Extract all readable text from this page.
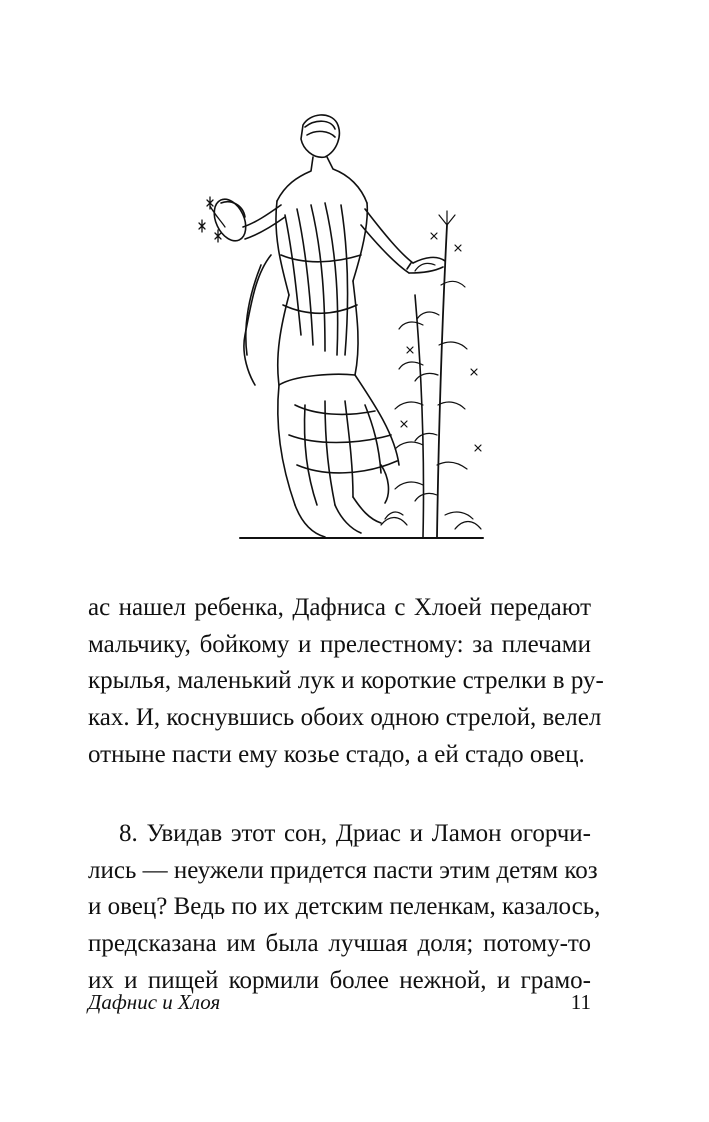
ас нашел ребенка, Дафниса с Хлоей передают
мальчику, бойкому и прелестному: за плечами
крылья, маленький лук и короткие стрелки в ру-
ках. И, коснувшись обоих одною стрелой, велел
отныне пасти ему козье стадо, а ей стадо овец.
8. Увидав этот сон, Дриас и Ламон огорчи-
лись — неужели придется пасти этим детям коз
и овец? Ведь по их детским пеленкам, казалось,
предсказана им была лучшая доля; потому-то
их и пищей кормили более нежной, и грамо-
Дафнис и Хлоя	11
